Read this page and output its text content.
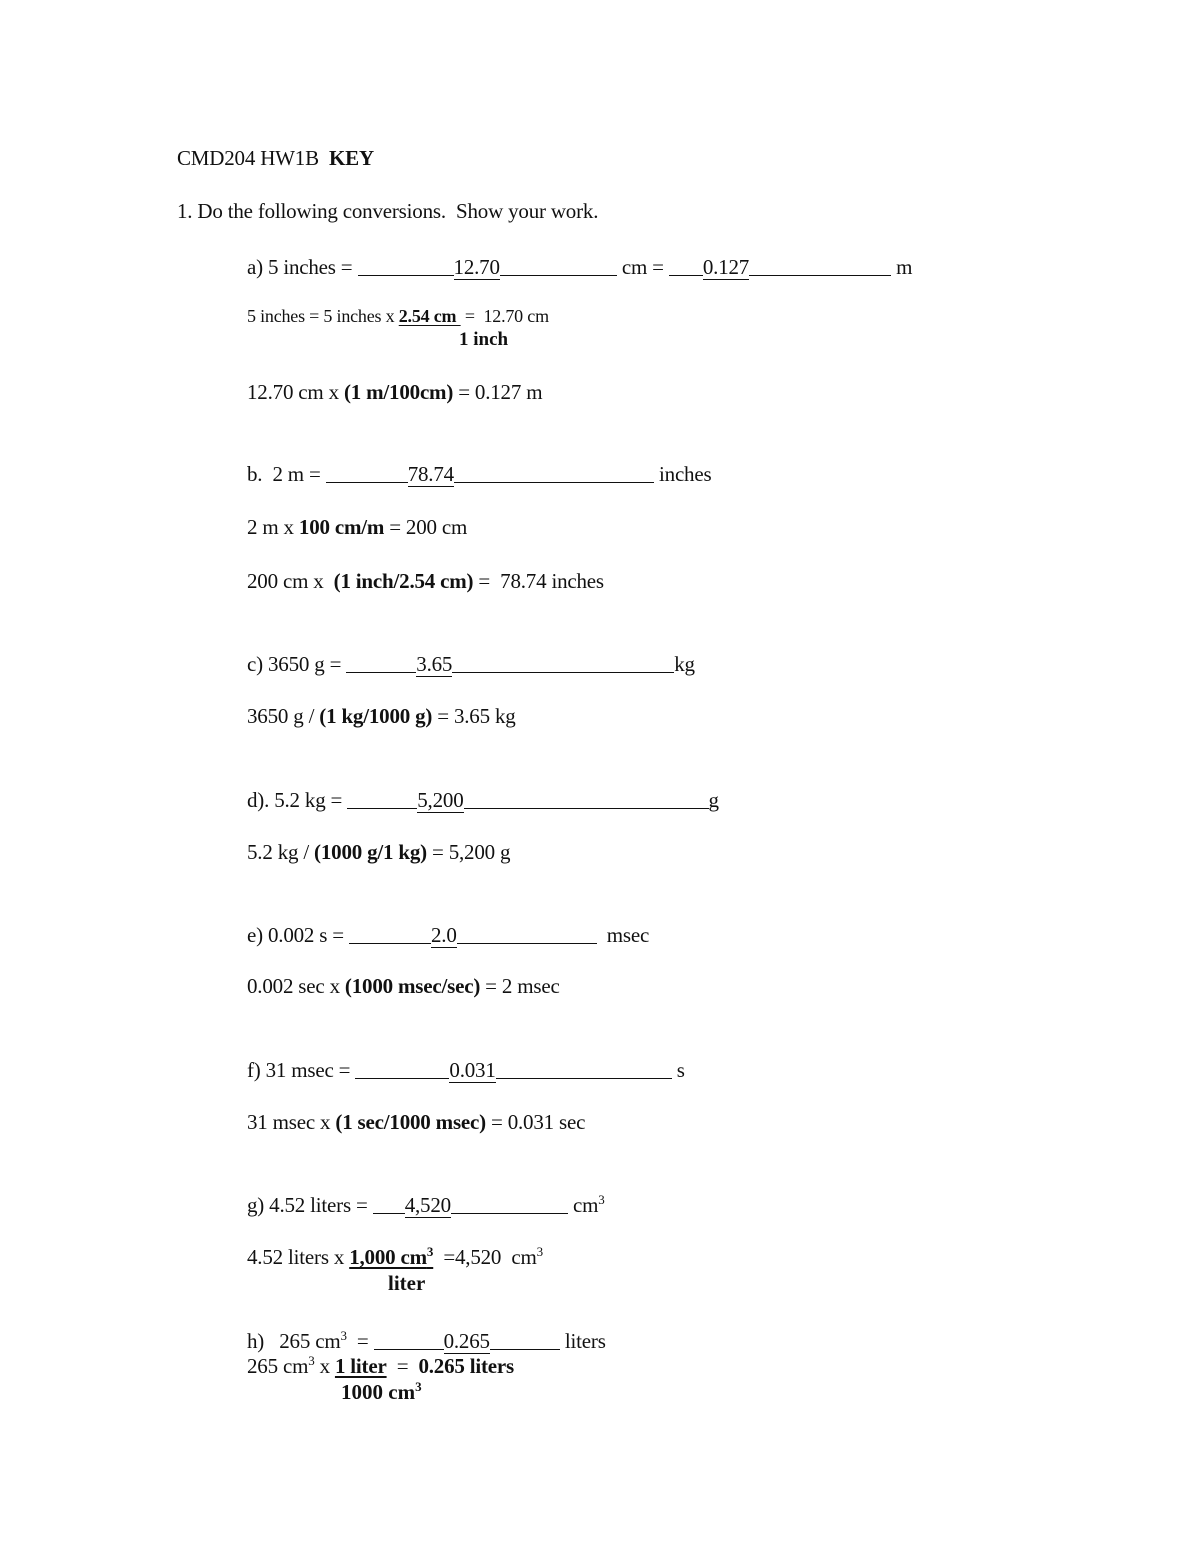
CMD204 HW1B KEY
1. Do the following conversions.  Show your work.
a) 5 inches =	12.70	cm = 0.127	m
5 inches = 5 inches x 2.54 cm  =  12.70 cm
1 inch
12.70 cm x (1 m/100cm) = 0.127 m
b.  2 m =	78.74	inches
2 m x 100 cm/m = 200 cm
200 cm x  (1 inch/2.54 cm) =  78.74 inches
c) 3650 g =	3.65	kg
3650 g / (1 kg/1000 g) = 3.65 kg
d). 5.2 kg =	5,200	g
5.2 kg / (1000 g/1 kg) = 5,200 g
e) 0.002 s =	2.0	msec
0.002 sec x (1000 msec/sec) = 2 msec
f) 31 msec =	0.031	s
31 msec x (1 sec/1000 msec) = 0.031 sec
g) 4.52 liters = 4,520	$cm^3$
4.52 liters x 1,000 $cm^3 =4,520$  $cm^3$
liter
h)   265 $cm^3$  =	0.265	liters
265 $cm^3$ x 1 liter  =  0.265 liters
1000 $cm^3$
